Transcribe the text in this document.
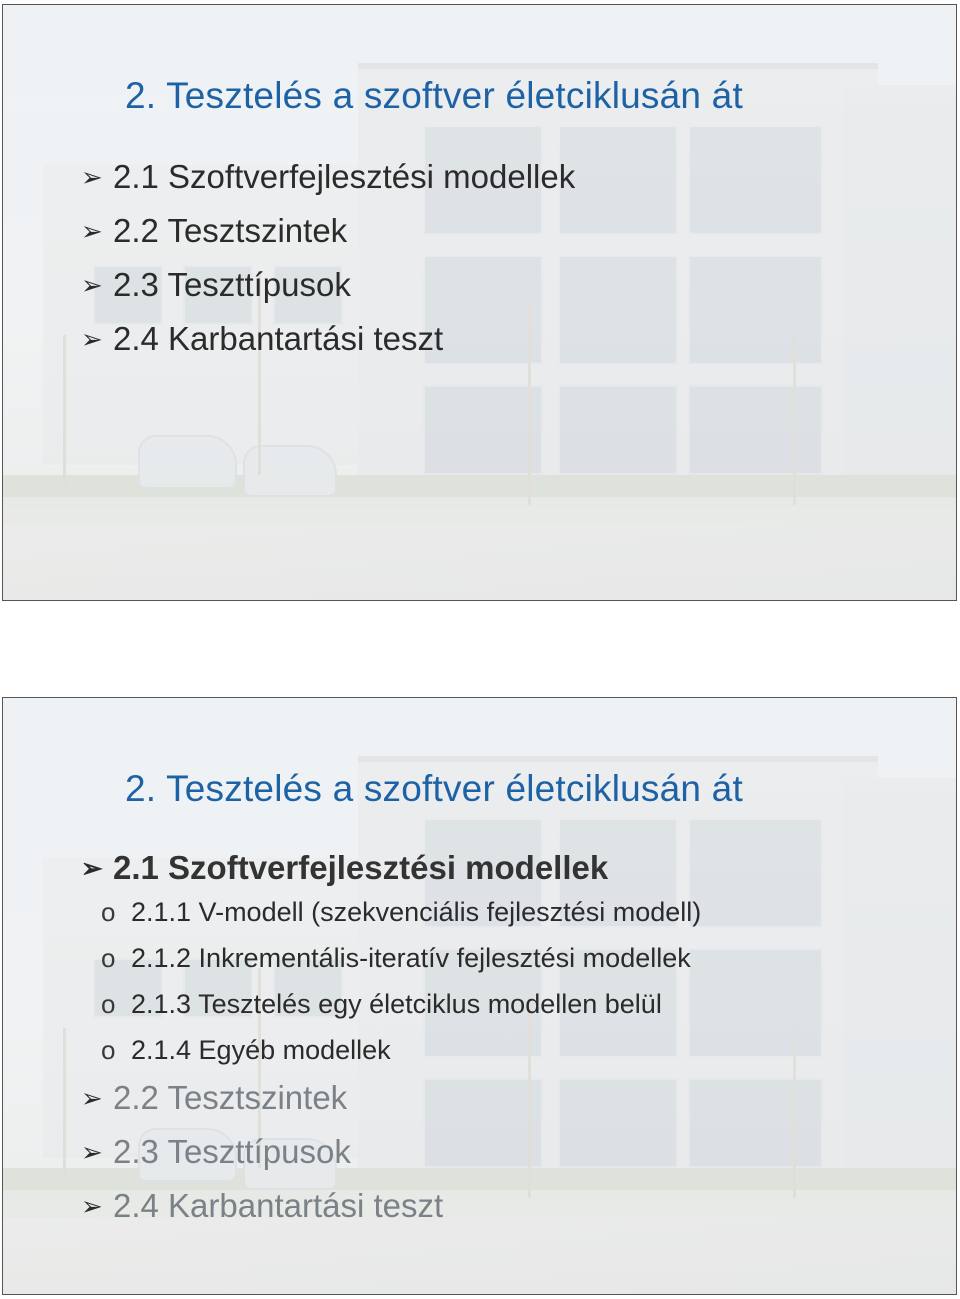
2. Tesztelés a szoftver életciklusán át
➢ 2.1 Szoftverfejlesztési modellek
➢ 2.2 Tesztszintek
➢ 2.3 Teszttípusok
➢ 2.4 Karbantartási teszt
2. Tesztelés a szoftver életciklusán át
➢ 2.1 Szoftverfejlesztési modellek
o 2.1.1 V-modell (szekvenciális fejlesztési modell)
o 2.1.2 Inkrementális-iteratív fejlesztési modellek
o 2.1.3 Tesztelés egy életciklus modellen belül
o 2.1.4 Egyéb modellek
➢ 2.2 Tesztszintek
➢ 2.3 Teszttípusok
➢ 2.4 Karbantartási teszt
